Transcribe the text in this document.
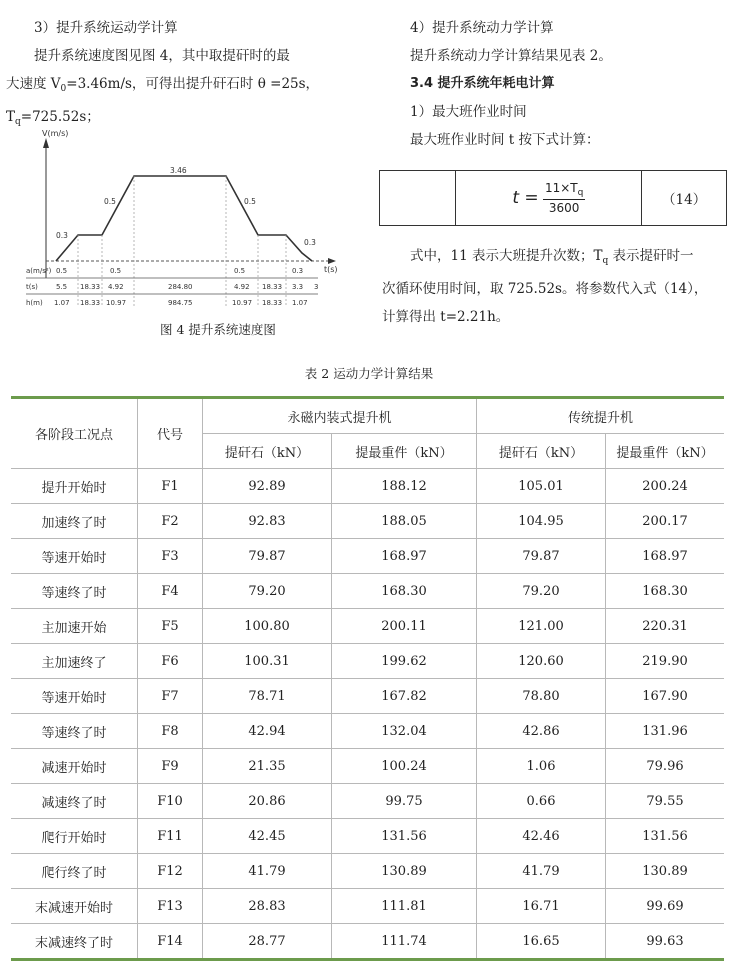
3）提升系统运动学计算
提升系统速度图见图 4，其中取提矸时的最
大速度 $V_0=3.46m/s$，可得出提升矸石时 θ =25s，
$T_q=725.52s$；
V(m/s)
t(s)
0.3
0.5
3.46
0.5
0.3
a(m/s²) 0.5	0.5	0.5	0.3
t(s)	5.5 18.33 4.92	284.80	4.92 18.33 3.3 3
h(m) 1.07 18.33 10.97	984.75	10.97 18.33 1.07
图 4 提升系统速度图
4）提升系统动力学计算
提升系统动力学计算结果见表 2。
3.4 提升系统年耗电计算
1）最大班作业时间
最大班作业时间 t 按下式计算：
	$t = \frac{11\times T_q}{3600}$	（14）
式中，11 表示大班提升次数；$T_q$ 表示提矸时一
次循环使用时间，取 725.52s。将参数代入式（14），
计算得出 t=2.21h。
表 2 运动力学计算结果
各阶段工况点	代号	永磁内装式提升机		传统提升机	
		提矸石（kN）	提最重件（kN）	提矸石（kN）	提最重件（kN）
提升开始时	F1	92.89	188.12	105.01	200.24
加速终了时	F2	92.83	188.05	104.95	200.17
等速开始时	F3	79.87	168.97	79.87	168.97
等速终了时	F4	79.20	168.30	79.20	168.30
主加速开始	F5	100.80	200.11	121.00	220.31
主加速终了	F6	100.31	199.62	120.60	219.90
等速开始时	F7	78.71	167.82	78.80	167.90
等速终了时	F8	42.94	132.04	42.86	131.96
减速开始时	F9	21.35	100.24	1.06	79.96
减速终了时	F10	20.86	99.75	0.66	79.55
爬行开始时	F11	42.45	131.56	42.46	131.56
爬行终了时	F12	41.79	130.89	41.79	130.89
末减速开始时	F13	28.83	111.81	16.71	99.69
末减速终了时	F14	28.77	111.74	16.65	99.63
